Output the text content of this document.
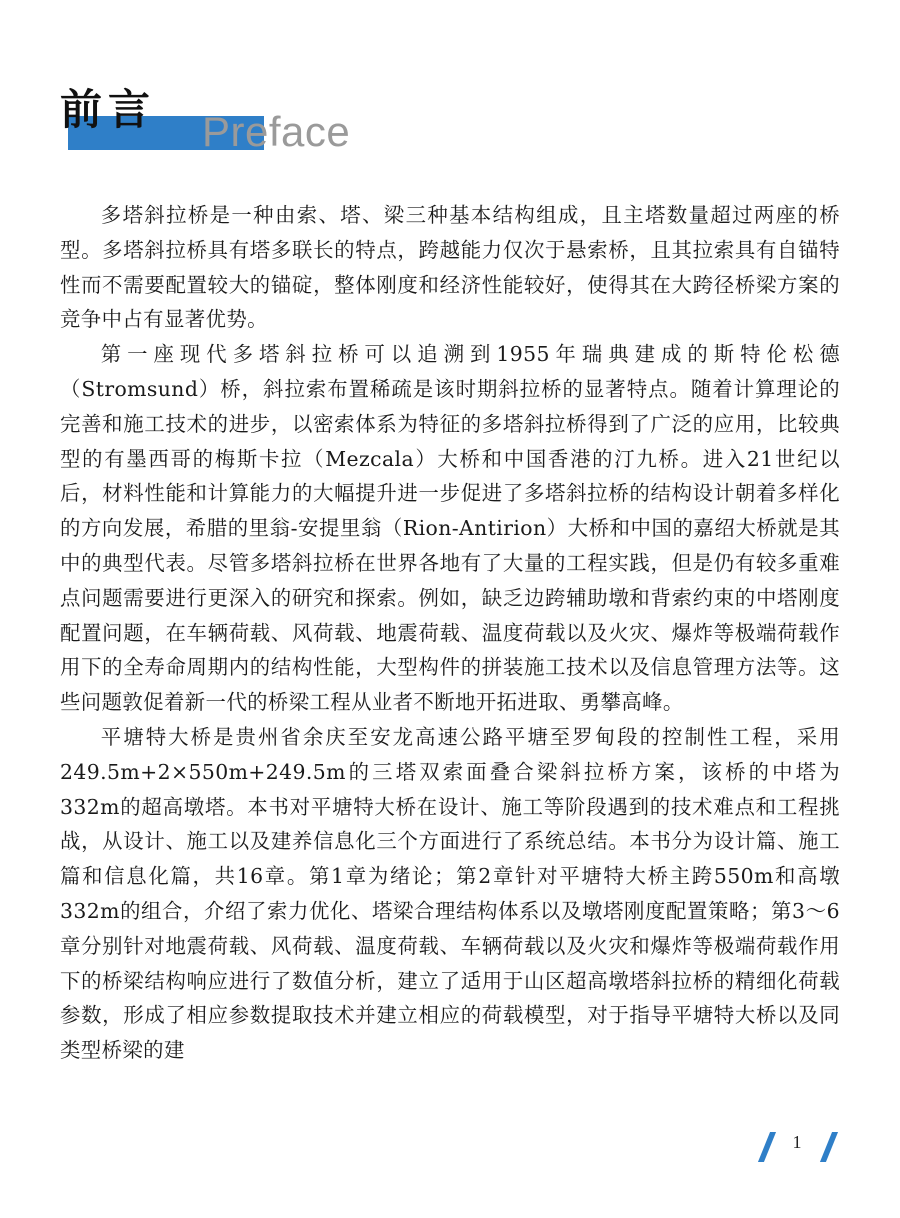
Preface
前言

多塔斜拉桥是一种由索、塔、梁三种基本结构组成，且主塔数量超过两座的桥型。多塔斜拉桥具有塔多联长的特点，跨越能力仅次于悬索桥，且其拉索具有自锚特性而不需要配置较大的锚碇，整体刚度和经济性能较好，使得其在大跨径桥梁方案的竞争中占有显著优势。

第一座现代多塔斜拉桥可以追溯到1955年瑞典建成的斯特伦松德（Stromsund）桥，斜拉索布置稀疏是该时期斜拉桥的显著特点。随着计算理论的完善和施工技术的进步，以密索体系为特征的多塔斜拉桥得到了广泛的应用，比较典型的有墨西哥的梅斯卡拉（Mezcala）大桥和中国香港的汀九桥。进入21世纪以后，材料性能和计算能力的大幅提升进一步促进了多塔斜拉桥的结构设计朝着多样化的方向发展，希腊的里翁-安提里翁（Rion-Antirion）大桥和中国的嘉绍大桥就是其中的典型代表。尽管多塔斜拉桥在世界各地有了大量的工程实践，但是仍有较多重难点问题需要进行更深入的研究和探索。例如，缺乏边跨辅助墩和背索约束的中塔刚度配置问题，在车辆荷载、风荷载、地震荷载、温度荷载以及火灾、爆炸等极端荷载作用下的全寿命周期内的结构性能，大型构件的拼装施工技术以及信息管理方法等。这些问题敦促着新一代的桥梁工程从业者不断地开拓进取、勇攀高峰。

平塘特大桥是贵州省余庆至安龙高速公路平塘至罗甸段的控制性工程，采用249.5m+2×550m+249.5m的三塔双索面叠合梁斜拉桥方案，该桥的中塔为332m的超高墩塔。本书对平塘特大桥在设计、施工等阶段遇到的技术难点和工程挑战，从设计、施工以及建养信息化三个方面进行了系统总结。本书分为设计篇、施工篇和信息化篇，共16章。第1章为绪论；第2章针对平塘特大桥主跨550m和高墩332m的组合，介绍了索力优化、塔梁合理结构体系以及墩塔刚度配置策略；第3～6章分别针对地震荷载、风荷载、温度荷载、车辆荷载以及火灾和爆炸等极端荷载作用下的桥梁结构响应进行了数值分析，建立了适用于山区超高墩塔斜拉桥的精细化荷载参数，形成了相应参数提取技术并建立相应的荷载模型，对于指导平塘特大桥以及同类型桥梁的建

1
